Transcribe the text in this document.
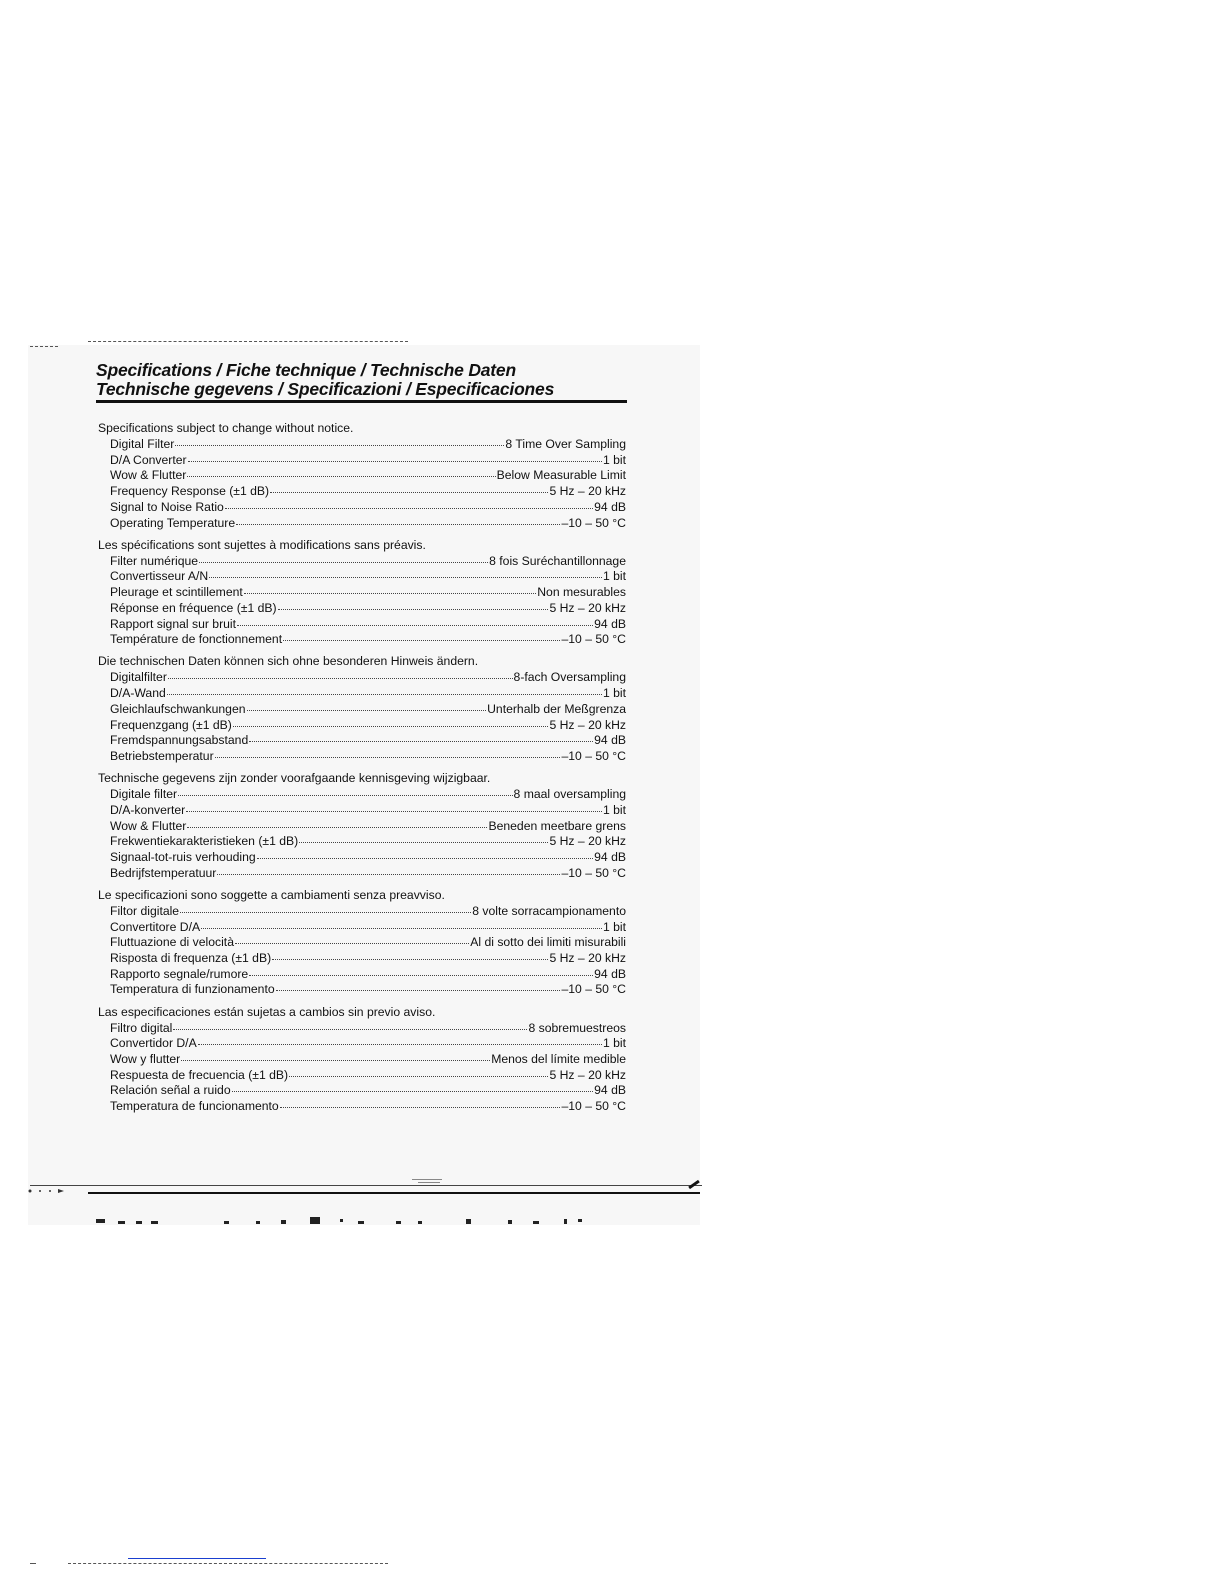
Specifications / Fiche technique / Technische Daten
Technische gegevens / Specificazioni / Especificaciones
Specifications subject to change without notice.
Digital Filter	8 Time Over Sampling
D/A Converter	1 bit
Wow & Flutter	Below Measurable Limit
Frequency Response (±1 dB)	5 Hz – 20 kHz
Signal to Noise Ratio	94 dB
Operating Temperature	–10 – 50 °C
Les spécifications sont sujettes à modifications sans préavis.
Filter numérique	8 fois Suréchantillonnage
Convertisseur A/N	1 bit
Pleurage et scintillement	Non mesurables
Réponse en fréquence (±1 dB)	5 Hz – 20 kHz
Rapport signal sur bruit	94 dB
Température de fonctionnement	–10 – 50 °C
Die technischen Daten können sich ohne besonderen Hinweis ändern.
Digitalfilter	8-fach Oversampling
D/A-Wand	1 bit
Gleichlaufschwankungen	Unterhalb der Meßgrenza
Frequenzgang (±1 dB)	5 Hz – 20 kHz
Fremdspannungsabstand	94 dB
Betriebstemperatur	–10 – 50 °C
Technische gegevens zijn zonder voorafgaande kennisgeving wijzigbaar.
Digitale filter	8 maal oversampling
D/A-konverter	1 bit
Wow & Flutter	Beneden meetbare grens
Frekwentiekarakteristieken (±1 dB)	5 Hz – 20 kHz
Signaal-tot-ruis verhouding	94 dB
Bedrijfstemperatuur	–10 – 50 °C
Le specificazioni sono soggette a cambiamenti senza preavviso.
Filtor digitale	8 volte sorracampionamento
Convertitore D/A	1 bit
Fluttuazione di velocità	Al di sotto dei limiti misurabili
Risposta di frequenza (±1 dB)	5 Hz – 20 kHz
Rapporto segnale/rumore	94 dB
Temperatura di funzionamento	–10 – 50 °C
Las especificaciones están sujetas a cambios sin previo aviso.
Filtro digital	8 sobremuestreos
Convertidor D/A	1 bit
Wow y flutter	Menos del límite medible
Respuesta de frecuencia (±1 dB)	5 Hz – 20 kHz
Relación señal a ruido	94 dB
Temperatura de funcionamento	–10 – 50 °C
